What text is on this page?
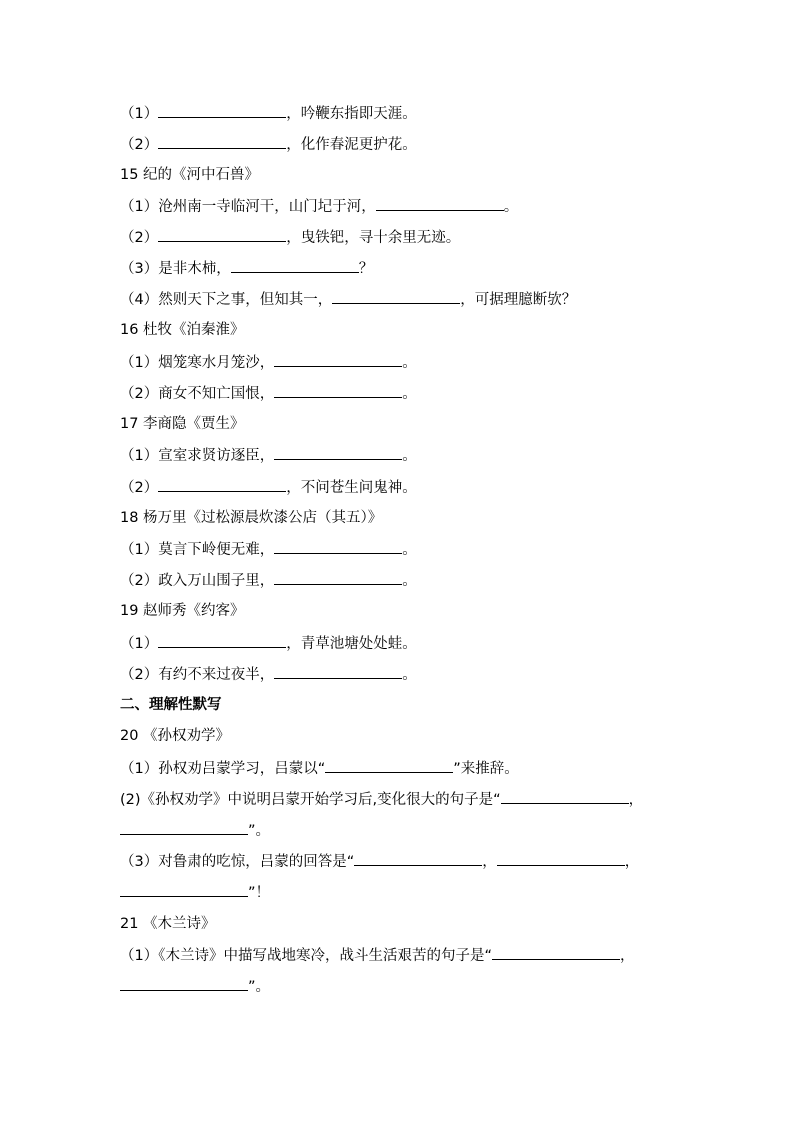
（1）	，吟鞭东指即天涯。
（2）	，化作春泥更护花。
15 纪的《河中石兽》
（1）沧州南一寺临河干，山门圮于河，	。
（2）	，曳铁钯，寻十余里无迹。
（3）是非木柿，	？
（4）然则天下之事，但知其一，	，可据理臆断欤？
16 杜牧《泊秦淮》
（1）烟笼寒水月笼沙，	。
（2）商女不知亡国恨，	。
17 李商隐《贾生》
（1）宣室求贤访逐臣，	。
（2）	，不问苍生问鬼神。
18 杨万里《过松源晨炊漆公店（其五）》
（1）莫言下岭便无难，	。
（2）政入万山围子里，	。
19 赵师秀《约客》
（1）	，青草池塘处处蛙。
（2）有约不来过夜半，	。
二、理解性默写
20 《孙权劝学》
（1）孙权劝吕蒙学习，吕蒙以“	”来推辞。
(2)《孙权劝学》中说明吕蒙开始学习后,变化很大的句子是“	，
”。
（3）对鲁肃的吃惊，吕蒙的回答是“	，	，
”！
21 《木兰诗》
（1）《木兰诗》中描写战地寒冷，战斗生活艰苦的句子是“	，
”。
